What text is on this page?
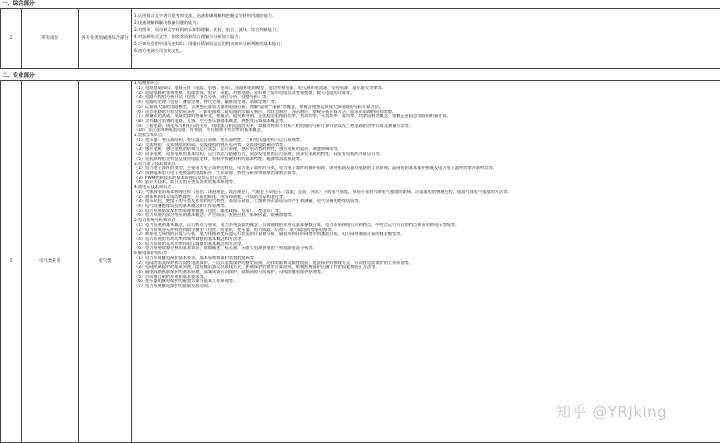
一、综合部分
1	所有岗位	各专业类别通用综合部分	
1.运用语言文字进行思考和交流、迅速准确理解和把握文字材料内涵的能力；
2.快速理解和解决数量问题的能力；
3.对图形、语句和文字材料的认知和理解、比较、组合、演绎、综合判断能力；
4.对各种形式文字、图表等资料综合理解与分析加工能力；
5.应知应会的中国历史知识、国情社情知识及运用相关知识分析判断的基本能力；
6.南方电网公司企业文化。
二、专业部分
1	电气类业务	电气类	
1.电路知识点
（1）电路基础知识：电路元件（电阻、电感、电容）、电路和电路模型、电功率和电能、电压源和电流源、受控电源、基尔霍夫定律等。
（2）电阻电路的等效变换：电阻等效、电导、电阻、对称电路、星形和三角形电阻及其等效变换、输入电阻的计算等。
（3）电路方程的分析方法（包括：节点分析、网孔分析、回路分析）等。
（4）电路的定理（包括：叠加定理、替代定理、戴维南定理、诺顿定理）等。
（5）运算放大器的电路模型，含理想运算放大器的电路分析，理解"虚短""虚断"等概念，掌握含理想运算放大器电路的分析计算方法。
（6）动态电路的方程及初始条件，一阶电路和二阶电路的零输入响应、零状态响应、冲击响应，掌握分析计算方法，能求出电路的时间常数。
（7）相量法的基础、电路定律的相量形式，相量法，阻抗和导纳，正弦稳态电路的功率，有功功率、无功功率、复功率、功率因数等概念，掌握正弦稳态电路的相量计算。
（8）含有耦合电感的电路，互感、空心变压器基本概念，理想变压器基本概念等。
（9）三相电路，线电压与相电压的关系，线电流与相电流的关系，掌握对称和不对称三相电路的分析计算方法以及三相电路的功率计算及测量方法等。
（10）非正弦周期电流电路，有效值、平均值和平均功率的基本概念。
2.电机学知识点
（1）变压器：变压器结构，变压器运行原理，变压器特性，三相变压器的构与运行原理等。
（2）交流绕组：交流绕组的构成，交流绕组的感应电动势，交流绕组的磁动势等。
（3）感应电机：感应电机的结构与运行状态，运行原理，感应电动势的特性，感应电机的起动、调速和制动等。
（4）同步电机：同步电机的基本结构，运行状态与励磁方式，同步发电机的运行原理，同步发电机的特性，同步发电机的并联运行等。
（5）电机原理相关特征及使用电能定律，电机中铁磁材料的基本特性，磁滞和涡流损耗等。
3.电力电子技术知识点
（1）电力电子器件的类型，主要电力电子器件的特征，电力电子器件的分类，电力电子器件的保护电路、缓冲电路及驱动电路的工作原理，晶闸管的基本保护措施及电力电子器件的串并联特点等。
（2）四种基本电力电子变换器的电路拓扑、工作原理、特性分析和带和单的参数计算等。
（3）PWM控制技术的基本原理以及其运用方法等。
（4）软开关技术，软开关的分类及各类的基本原理等。
4.高电压技术知识点
（1）气体放电的基本物理过程（包括：汤逊理论、流注理论），气隙在不同电压（直流、交流、冲击）下的电气强度，电场分布对气隙电气强度的影响，沿面放电的物理过程，提高气体电气强度的方法等。
（2）液体和固体介质的绝缘性，介质的极化、电导和损耗，介质的击穿和老化等。
（3）高压试验，绝缘子的分类及作用和电气特性，高电压试验，工频和冲击高电压的产生和测量，电气设备的绝缘试验等。
（4）电气设备绝缘试验的基本概念和工作原理等。
（5）电力系统防雷保护的原理和措施（包括：输电线路、发电厂、变电站）等。
（6）电力系统内部过电压的基本概念、产生原因，发展过程、影响因素，限制措施等。
5.电力系统分析知识点
（1）电力系统的基本概念、运行特点与要求，电力系统负荷的概念、负荷曲线的作用及基本参数计算，电力系统接线方式和特点，中性点运行方式的特点和适用的电压等级等。
（2）电力系统各元件特性和数学模型（包括：发电机、变压器、电力线路、负荷），电力网络的等值电路等。
（3）简单电力网络的计算与分析，电力线路和变压器运行状况的计算和分析，辐射形和环形网络中的潮流分布，电力网络潮流计算的数学模型等。
（4）电力系统的有功功率和频率调整的基本概念和方法等。
（5）电力系统的无功功率和电压调整的基本概念和方法等。
（6）电力系统故障分析的基本知识，故障概述、标幺制、无限大电源供电的三相短路电流分析等。
6.继电保护知识点
（1）电力系统继电保护基本要求，基本原理和保护装置的组成等。
（2）电网的电流保护和方向性电流保护，三段式电流保护的整定原则，动作时限和灵敏性校验，电流保护的接线方式，方向性电流保护的工作原理等。
（3）电网距离保护的基本原理，阻抗继电器及其接线方式，距离保护的整定计算原则，影响距离保护正确工作的因素和防止方法等。
（4）输电线路纵联保护的基本原理，高频闭锁方向保护，高频闭锁方向保护，母线的继电保护原理等。
（5）自动重合闸的作用和基本要求等。
（6）变压器的继电保护的配置方案与基本工作原理等。
（7）电力系统继电保护的最新发展动向。
知乎 @YRJking
